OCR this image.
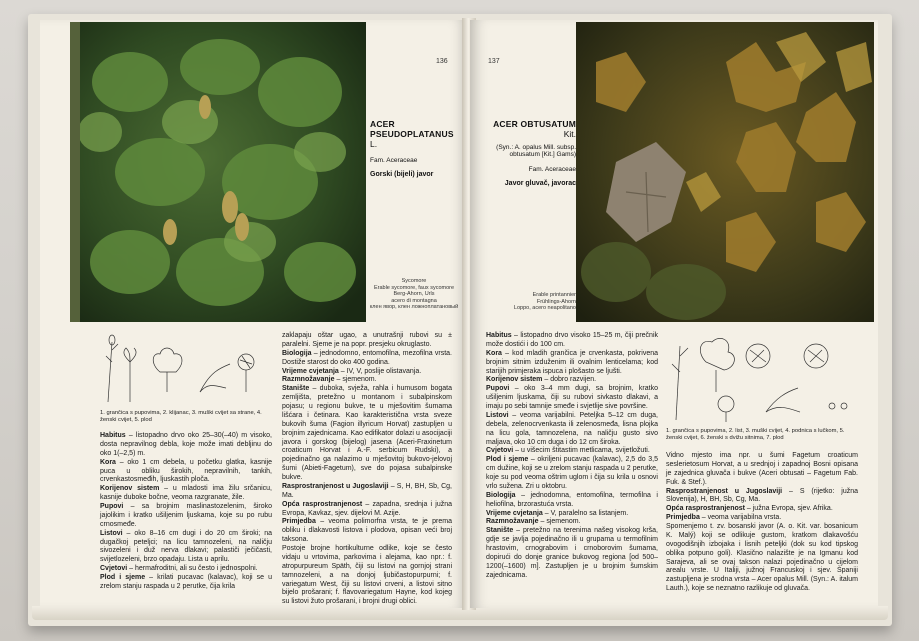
136
ACER PSEUDOPLATANUS
L.
Fam. Aceraceae
Gorski (bijeli) javor
Sycomore
Erable sycomore, faux sycomore
Berg-Ahorn, Urls
acero di montagna
клен явор, клен ложноплатановый
1. grančica s pupovima, 2. klijanac, 3. muški cvijet sa strane, 4. ženski cvijet, 5. plod

Habitus – listopadno drvo oko 25–30(–40) m visoko, dosta nepravilnog debla, koje može imati debljinu do oko 1(–2,5) m.

Kora – oko 1 cm debela, u početku glatka, kasnije puca u obliku širokih, nepravilnih, tankih, crvenkastosmeđih, ljuskastih ploča.

Korijenov sistem – u mladosti ima žilu srčanicu, kasnije duboke bočne, veoma razgranate, žile.

Pupovi – sa brojnim maslinastozelenim, široko jajolikim i kratko ušiljenim ljuskama, koje su po rubu crnosmeđe.

Listovi – oko 8–16 cm dugi i do 20 cm široki; na dugačkoj peteljci; na licu tamnozeleni, na naličju sivozeleni i duž nerva dlakavi; palastiči ječičasti, svijetlozeleni, brzo opadaju. Lista u aprilu.

Cvjetovi – hermafroditni, ali su često i jednospolni.

Plod i sjeme – krilati pucavac (kalavac), koji se u zrelom stanju raspada u 2 perutke, čija krila

zaklapaju oštar ugao, a unutrašnji rubovi su ± paralelni. Sjeme je na popr. presjeku okruglasto.

Biologija – jednodomno, entomofilna, mezofilna vrsta. Dostiže starost do oko 400 godina.

Vrijeme cvjetanja – IV, V, poslije olistavanja.

Razmnožavanje – sjemenom.

Stanište – duboka, svježa, rahla i humusom bogata zemljišta, pretežno u montanom i subalpinskom pojasu; u regionu bukve, te u mješovitim šumama lišćara i četinara. Kao karakteristična vrsta sveze bukovih šuma (Fagion illyricum Horvat) zastupljen u brojnim zajednicama. Kao edifikator dolazi u asocijaciji javora i gorskog (bijelog) jasena (Aceri-Fraxinetum croaticum Horvat i A.-F. serbicum Rudski), a pojedinačno ga nalazimo u mješovitoj bukovo-jelovoj šumi (Abieti-Fagetum), sve do pojasa subalpinske bukve.

Rasprostranjenost u Jugoslaviji – S, H, BH, Sb, Cg, Ma.

Opća rasprostranjenost – zapadna, srednja i južna Evropa, Kavkaz, sjev. dijelovi M. Azije.

Primjedba – veoma polimorfna vrsta, te je prema obliku i dlakavosti listova i plodova, opisan veći broj taksona.

Postoje brojne hortikulturne odlike, koje se često vidaju u vrtovima, parkovima i alejama, kao npr.: f. atropurpureum Späth, čiji su listovi na gornjoj strani tamnozeleni, a na donjoj ljubičastopurpurni; f. variegatum West, čiji su listovi crveni, a listovi sitno bijelo prošarani; f. flavovariegatum Hayne, kod kojeg su listovi žuto prošarani, i brojni drugi oblici.

137
ACER OBTUSATUM
Kit.
(Syn.: A. opalus Mill. subsp. obtusatum [Kit.] Gams)
Fam. Aceraceae
Javor gluvač, javorac
Erable printannier
Frühlings-Ahorn
Loppo, acero neapolitano

Habitus – listopadno drvo visoko 15–25 m, čiji prečnik može dostići i do 100 cm.

Kora – kod mladih grančica je crvenkasta, pokrivena brojnim sitnim izduženim ili ovalnim lenticelama; kod starijih primjeraka ispuca i plošasto se ljušti.

Korijenov sistem – dobro razvijen.

Pupovi – oko 3–4 mm dugi, sa brojnim, kratko ušiljenim ljuskama, čiji su rubovi sivkasto dlakavi, a imaju po sebi tamnije smeđe i svjetlije sive površine.

Listovi – veoma varijabilni. Peteljka 5–12 cm duga, debela, zelenocrvenkasta ili zelenosmeđa, lisna plojka na licu gola, tamnozelena, na naličju gusto sivo maljava, oko 10 cm duga i do 12 cm široka.

Cvjetovi – u višecim štitastim metlicama, svijetložuti.

Plod i sjeme – okriljeni pucavac (kalavac), 2,5 do 3,5 cm dužine, koji se u zrelom stanju raspada u 2 perutke, koje su pod veoma oštrim uglom i čija su krila u osnovi vrlo sužena. Zri u oktobru.

Biologija – jednodomna, entomofilna, termofilna i heliofilna, brzorastuća vrsta.

Vrijeme cvjetanja – V, paralelno sa listanjem.

Razmnožavanje – sjemenom.

Stanište – pretežno na terenima našeg visokog krša, gdje se javlja pojedinačno ili u grupama u termofilnim hrastovim, crnograbovim i crnoborovim šumama, dopirući do donje granice bukovog regiona [od 500–1200(–1600) m]. Zastupljen je u brojnim šumskim zajednicama.

1. grančica s pupovima, 2. list, 3. muški cvijet, 4. podnica s lučkom, 5. ženski cvijet, 6. ženski s dvižu sitnima, 7. plod

Vidno mjesto ima npr. u šumi Fagetum croaticum seslerietosum Horvat, a u srednjoj i zapadnoj Bosni opisana je zajednica gluvača i bukve (Aceri obtusati – Fagetum Fab. Fuk. & Stef.).

Rasprostranjenost u Jugoslaviji – S (rijetko: južna Slovenija), H, BH, Sb, Cg, Ma.

Opća rasprostranjenost – južna Evropa, sjev. Afrika.

Primjedba – veoma varijabilna vrsta.

Spomenjemo t. zv. bosanski javor (A. o. Kit. var. bosanicum K. Malý) koji se odlikuje gustom, kratkom dlakavošću ovogodišnjih izbojaka i lisnih peteljki (dok su kod tipskog oblika potpuno goli). Klasično nalazište je na Igmanu kod Sarajeva, ali se ovaj takson nalazi pojedinačno u cijelom arealu vrste. U Italiji, južnoj Francuskoj i sjev. Španiji zastupljena je srodna vrsta – Acer opalus Mill. (Syn.: A. italum Lauth.), koje se neznatno razlikuje od gluvača.
